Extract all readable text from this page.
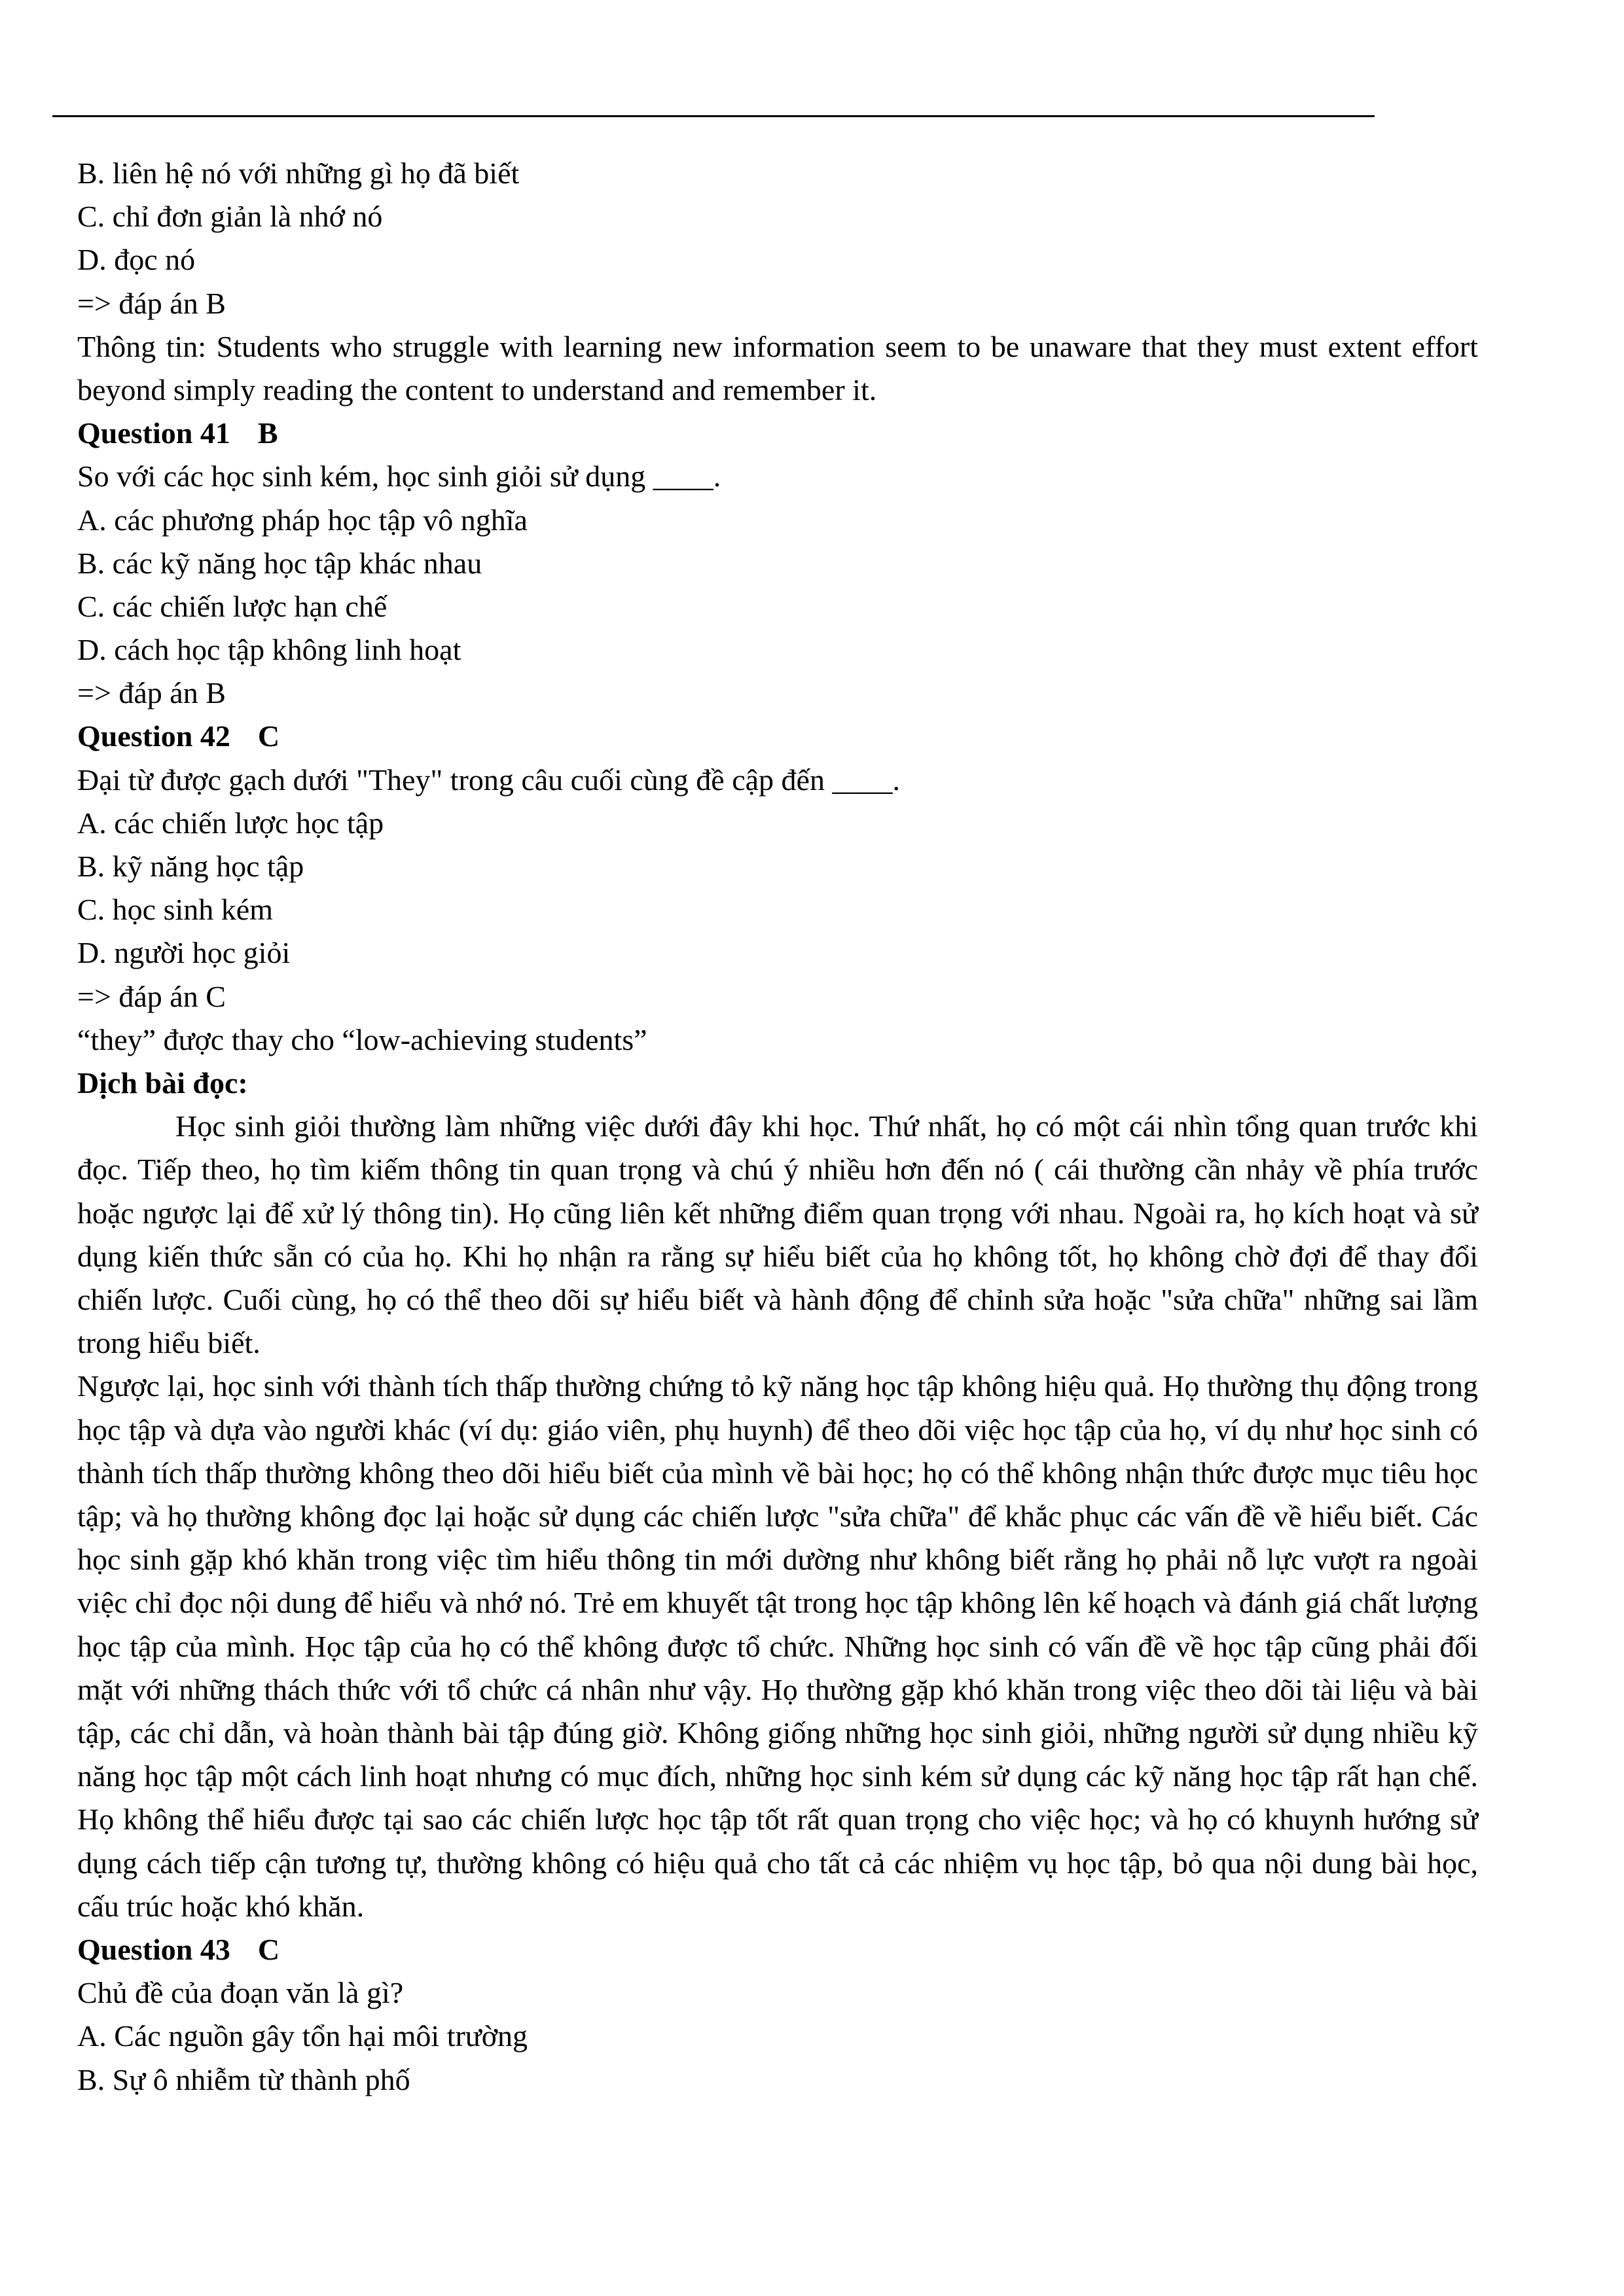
B. liên hệ nó với những gì họ đã biết
C. chỉ đơn giản là nhớ nó
D. đọc nó
=> đáp án B
Thông tin: Students who struggle with learning new information seem to be unaware that they must extent effort beyond simply reading the content to understand and remember it.
Question 41 B
So với các học sinh kém, học sinh giỏi sử dụng ____.
A. các phương pháp học tập vô nghĩa
B. các kỹ năng học tập khác nhau
C. các chiến lược hạn chế
D. cách học tập không linh hoạt
=> đáp án B
Question 42 C
Đại từ được gạch dưới "They" trong câu cuối cùng đề cập đến ____.
A. các chiến lược học tập
B. kỹ năng học tập
C. học sinh kém
D. người học giỏi
=> đáp án C
“they” được thay cho “low-achieving students”
Dịch bài đọc:
Học sinh giỏi thường làm những việc dưới đây khi học. Thứ nhất, họ có một cái nhìn tổng quan trước khi đọc. Tiếp theo, họ tìm kiếm thông tin quan trọng và chú ý nhiều hơn đến nó ( cái thường cần nhảy về phía trước hoặc ngược lại để xử lý thông tin). Họ cũng liên kết những điểm quan trọng với nhau. Ngoài ra, họ kích hoạt và sử dụng kiến thức sẵn có của họ. Khi họ nhận ra rằng sự hiểu biết của họ không tốt, họ không chờ đợi để thay đổi chiến lược. Cuối cùng, họ có thể theo dõi sự hiểu biết và hành động để chỉnh sửa hoặc "sửa chữa" những sai lầm trong hiểu biết.
Ngược lại, học sinh với thành tích thấp thường chứng tỏ kỹ năng học tập không hiệu quả. Họ thường thụ động trong học tập và dựa vào người khác (ví dụ: giáo viên, phụ huynh) để theo dõi việc học tập của họ, ví dụ như học sinh có thành tích thấp thường không theo dõi hiểu biết của mình về bài học; họ có thể không nhận thức được mục tiêu học tập; và họ thường không đọc lại hoặc sử dụng các chiến lược "sửa chữa" để khắc phục các vấn đề về hiểu biết. Các học sinh gặp khó khăn trong việc tìm hiểu thông tin mới dường như không biết rằng họ phải nỗ lực vượt ra ngoài việc chỉ đọc nội dung để hiểu và nhớ nó. Trẻ em khuyết tật trong học tập không lên kế hoạch và đánh giá chất lượng học tập của mình. Học tập của họ có thể không được tổ chức. Những học sinh có vấn đề về học tập cũng phải đối mặt với những thách thức với tổ chức cá nhân như vậy. Họ thường gặp khó khăn trong việc theo dõi tài liệu và bài tập, các chỉ dẫn, và hoàn thành bài tập đúng giờ. Không giống những học sinh giỏi, những người sử dụng nhiều kỹ năng học tập một cách linh hoạt nhưng có mục đích, những học sinh kém sử dụng các kỹ năng học tập rất hạn chế. Họ không thể hiểu được tại sao các chiến lược học tập tốt rất quan trọng cho việc học; và họ có khuynh hướng sử dụng cách tiếp cận tương tự, thường không có hiệu quả cho tất cả các nhiệm vụ học tập, bỏ qua nội dung bài học, cấu trúc hoặc khó khăn.
Question 43 C
Chủ đề của đoạn văn là gì?
A. Các nguồn gây tổn hại môi trường
B. Sự ô nhiễm từ thành phố
